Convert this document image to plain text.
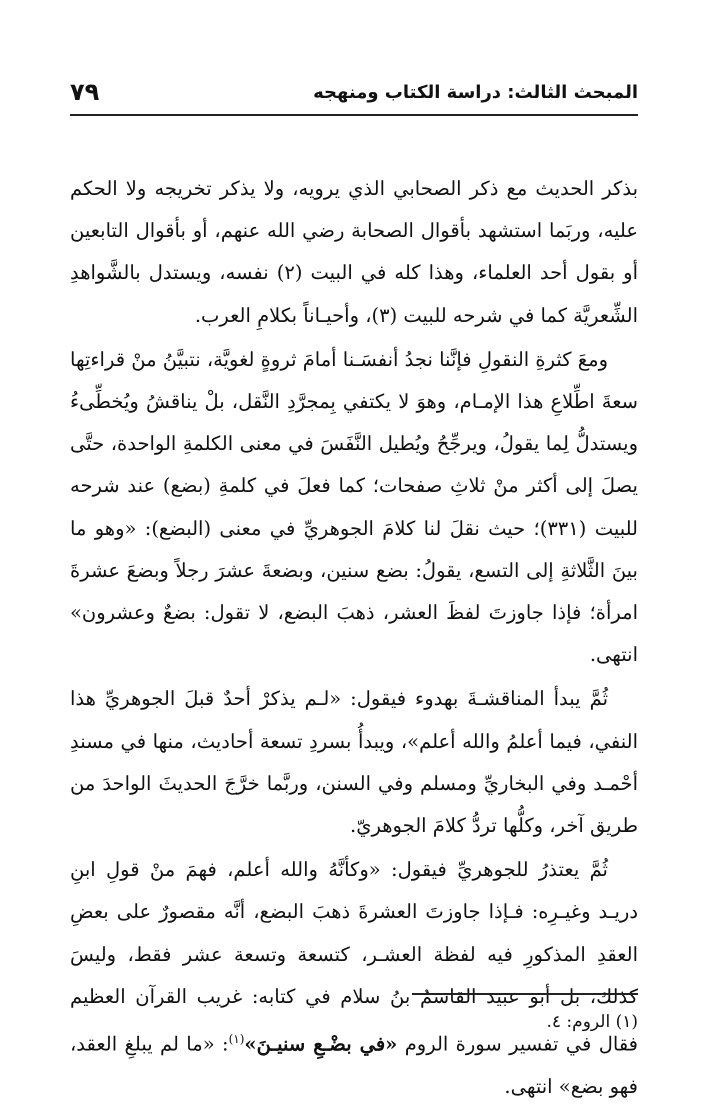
المبحث الثالث: دراسة الكتاب ومنهجه
٧٩

بذكر الحديث مع ذكر الصحابي الذي يرويه، ولا يذكر تخريجه ولا الحكم عليه، وربَما استشهد بأقوال الصحابة رضي الله عنهم، أو بأقوال التابعين أو بقول أحد العلماء، وهذا كله في البيت (٢) نفسه، ويستدل بالشَّواهدِ الشِّعريَّة كما في شرحه للبيت (٣)، وأحيـاناً بكلامِ العرب.

ومعَ كثرةِ النقولِ فإنَّنا نجدُ أنفسَـنا أمامَ ثروةٍ لغويَّة، نتبيَّنُ منْ قراءتِها سعةَ اطِّلاعِ هذا الإمـام، وهوَ لا يكتفي بِمجرَّدِ النَّقل، بلْ يناقشُ ويُخطِّىءُ ويستدلُّ لِما يقولُ، ويرجِّحُ ويُطيل النَّفَسَ في معنى الكلمةِ الواحدة، حتَّى يصلَ إلى أكثر منْ ثلاثِ صفحات؛ كما فعلَ في كلمةِ (بضع) عند شرحه للبيت (٣٣١)؛ حيث نقلَ لنا كلامَ الجوهريِّ في معنى (البضع): «وهو ما بينَ الثَّلاثةِ إلى التسع، يقولُ: بضع سنين، وبضعةَ عشرَ رجلاً وبضعَ عشرةَ امرأة؛ فإذا جاوزتَ لفظَ العشر، ذهبَ البضع، لا تقول: بضعٌ وعشرون» انتهى.

ثُمَّ يبدأ المناقشـةَ بهدوء فيقول: «لـم يذكرْ أحدٌ قبلَ الجوهريِّ هذا النفي، فيما أعلمُ والله أعلم»، ويبدأُ بسردِ تسعة أحاديث، منها في مسندِ أحْمـد وفي البخاريِّ ومسلم وفي السنن، وربَّما خرَّجَ الحديثَ الواحدَ من طريق آخر، وكلُّها تردُّ كلامَ الجوهريّ.

ثُمَّ يعتذرُ للجوهريِّ فيقول: «وكأنَّهُ والله أعلم، فهمَ منْ قولِ ابنِ دريـد وغيـرِه: فـإذا جاوزتَ العشرةَ ذهبَ البضع، أنَّه مقصورٌ على بعضِ العقدِ المذكورِ فيه لفظة العشـر، كتسعة وتسعة عشر فقط، وليسَ كذلك، بل أبو عبيد القاسمُ بنُ سلام في كتابه: غريب القرآن العظيم فقال في تفسير سورة الروم «في بضْـعِ سنيـنَ»$^{(١)}$: «ما لم يبلغِ العقد، فهو بضع» انتهى.

(١) الروم: ٤.
